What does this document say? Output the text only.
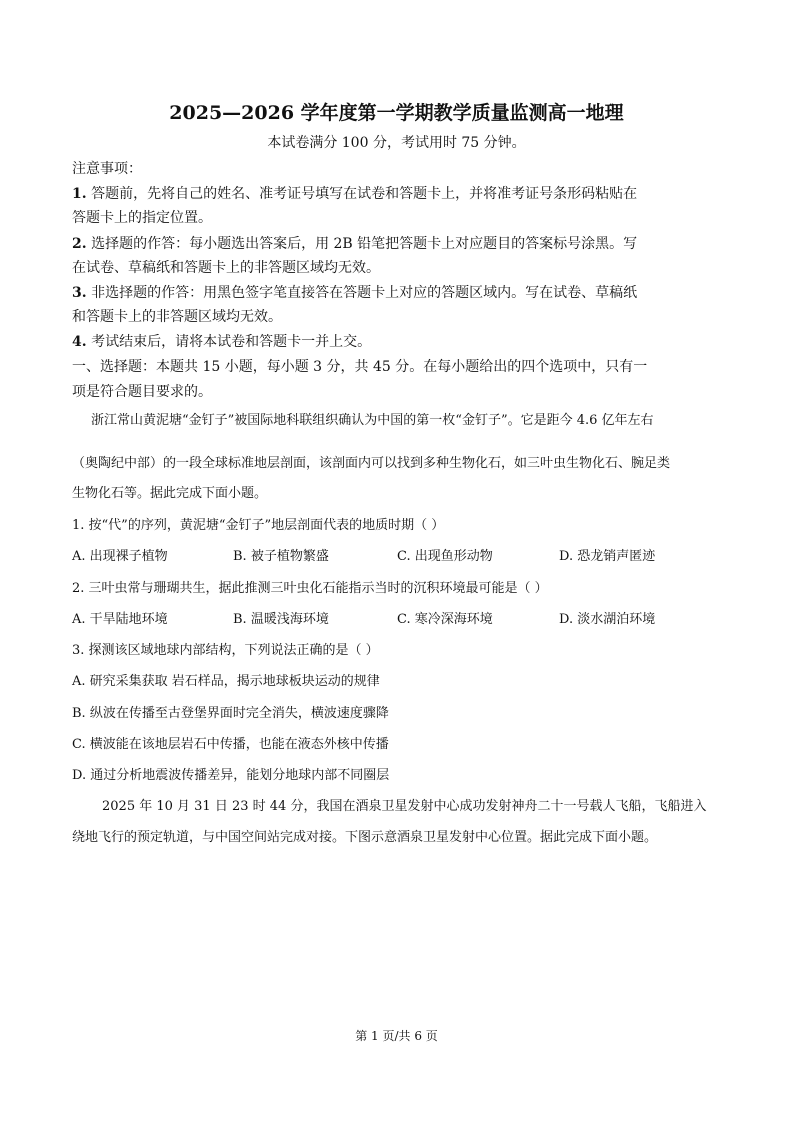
2025—2026 学年度第一学期教学质量监测高一地理
本试卷满分 100 分，考试用时 75 分钟。
注意事项：
1. 答题前，先将自己的姓名、准考证号填写在试卷和答题卡上，并将准考证号条形码粘贴在
答题卡上的指定位置。
2. 选择题的作答：每小题选出答案后，用 2B 铅笔把答题卡上对应题目的答案标号涂黑。写
在试卷、草稿纸和答题卡上的非答题区域均无效。
3. 非选择题的作答：用黑色签字笔直接答在答题卡上对应的答题区域内。写在试卷、草稿纸
和答题卡上的非答题区域均无效。
4. 考试结束后，请将本试卷和答题卡一并上交。
一、选择题：本题共 15 小题，每小题 3 分，共 45 分。在每小题给出的四个选项中，只有一
项是符合题目要求的。
浙江常山黄泥塘“金钉子”被国际地科联组织确认为中国的第一枚“金钉子”。它是距今 4.6 亿年左右
（奥陶纪中部）的一段全球标准地层剖面，该剖面内可以找到多种生物化石，如三叶虫生物化石、腕足类
生物化石等。据此完成下面小题。
1. 按“代”的序列，黄泥塘“金钉子”地层剖面代表的地质时期（ ）
A. 出现裸子植物	B. 被子植物繁盛	C. 出现鱼形动物	D. 恐龙销声匿迹
2. 三叶虫常与珊瑚共生，据此推测三叶虫化石能指示当时的沉积环境最可能是（ ）
A. 干旱陆地环境	B. 温暖浅海环境	C. 寒冷深海环境	D. 淡水湖泊环境
3. 探测该区域地球内部结构，下列说法正确的是（ ）
A. 研究采集获取 岩石样品，揭示地球板块运动的规律
B. 纵波在传播至古登堡界面时完全消失，横波速度骤降
C. 横波能在该地层岩石中传播，也能在液态外核中传播
D. 通过分析地震波传播差异，能划分地球内部不同圈层
2025 年 10 月 31 日 23 时 44 分，我国在酒泉卫星发射中心成功发射神舟二十一号载人飞船，飞船进入
绕地飞行的预定轨道，与中国空间站完成对接。下图示意酒泉卫星发射中心位置。据此完成下面小题。
第 1 页/共 6 页
